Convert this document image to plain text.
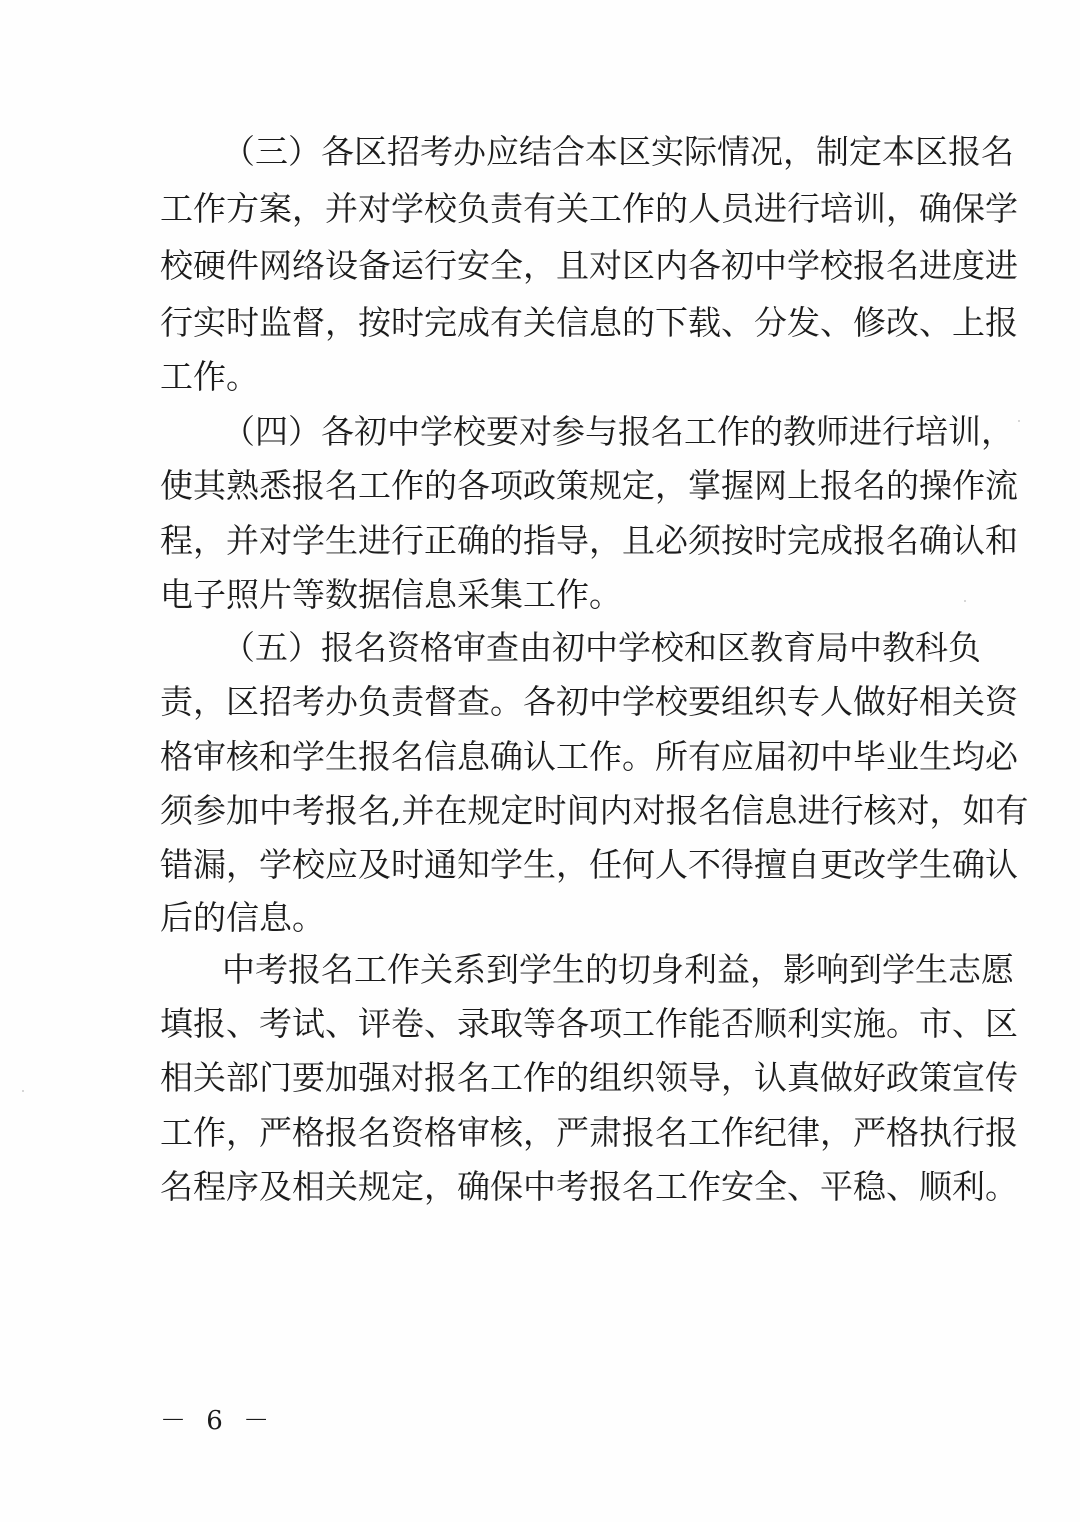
（三）各区招考办应结合本区实际情况，制定本区报名
工作方案，并对学校负责有关工作的人员进行培训，确保学
校硬件网络设备运行安全，且对区内各初中学校报名进度进
行实时监督，按时完成有关信息的下载、分发、修改、上报
工作。
（四）各初中学校要对参与报名工作的教师进行培训，
使其熟悉报名工作的各项政策规定，掌握网上报名的操作流
程，并对学生进行正确的指导，且必须按时完成报名确认和
电子照片等数据信息采集工作。
（五）报名资格审查由初中学校和区教育局中教科负
责，区招考办负责督查。各初中学校要组织专人做好相关资
格审核和学生报名信息确认工作。所有应届初中毕业生均必
须参加中考报名,并在规定时间内对报名信息进行核对，如有
错漏，学校应及时通知学生，任何人不得擅自更改学生确认
后的信息。
中考报名工作关系到学生的切身利益，影响到学生志愿
填报、考试、评卷、录取等各项工作能否顺利实施。市、区
相关部门要加强对报名工作的组织领导，认真做好政策宣传
工作，严格报名资格审核，严肃报名工作纪律，严格执行报
名程序及相关规定，确保中考报名工作安全、平稳、顺利。
－ 6 －
